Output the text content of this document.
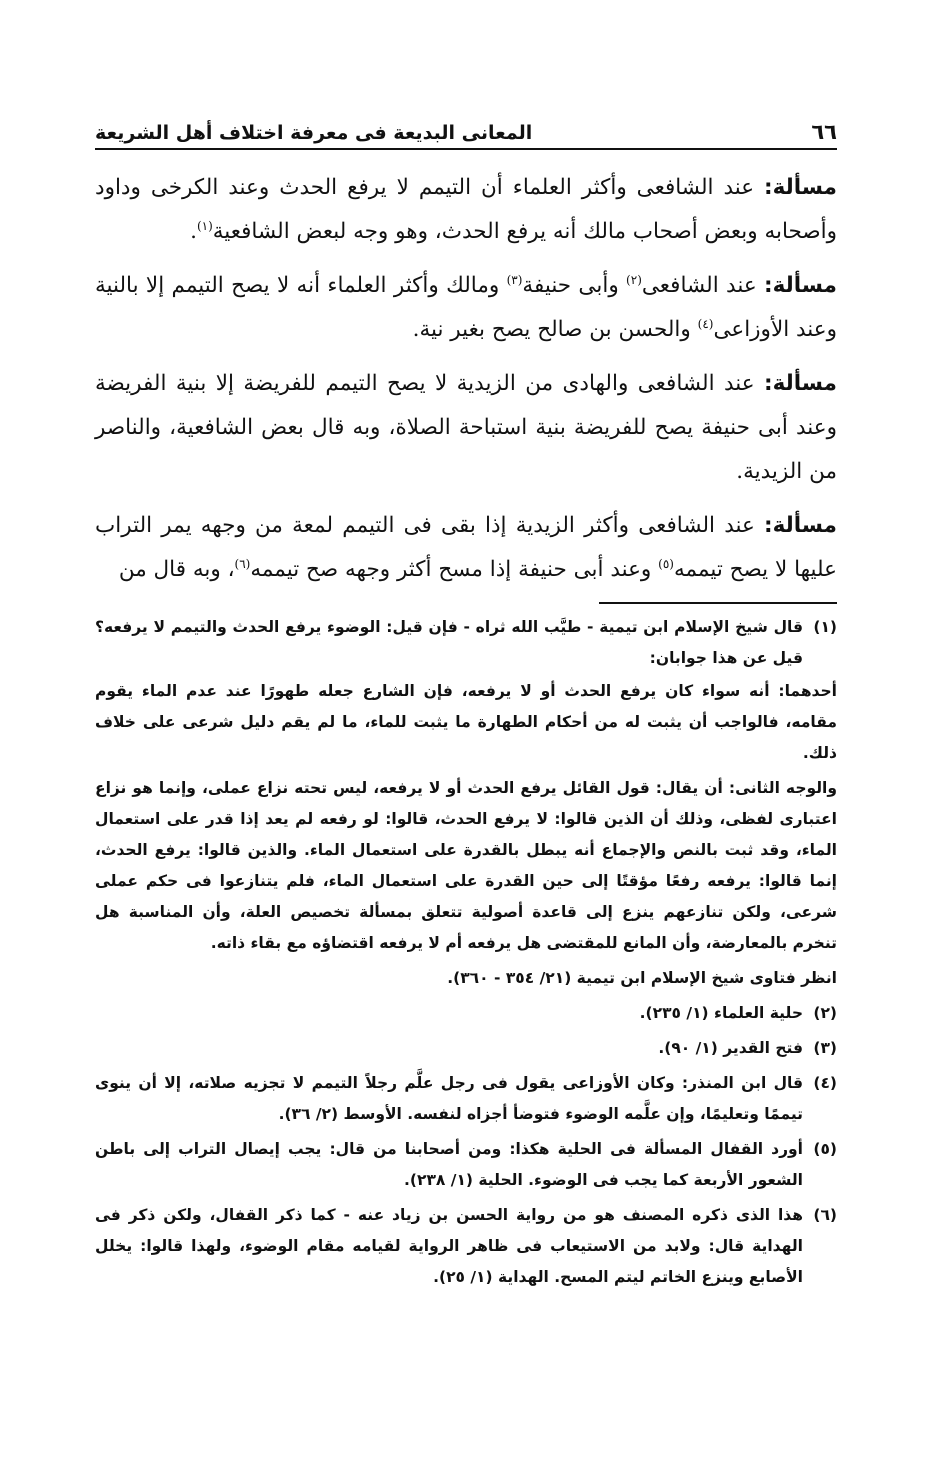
٦٦
المعانى البديعة فى معرفة اختلاف أهل الشريعة

مسألة: عند الشافعى وأكثر العلماء أن التيمم لا يرفع الحدث وعند الكرخى وداود وأصحابه وبعض أصحاب مالك أنه يرفع الحدث، وهو وجه لبعض الشافعية$^{(١)}$.

مسألة: عند الشافعى$^{(٢)}$ وأبى حنيفة$^{(٣)}$ ومالك وأكثر العلماء أنه لا يصح التيمم إلا بالنية وعند الأوزاعى$^{(٤)}$ والحسن بن صالح يصح بغير نية.

مسألة: عند الشافعى والهادى من الزيدية لا يصح التيمم للفريضة إلا بنية الفريضة وعند أبى حنيفة يصح للفريضة بنية استباحة الصلاة، وبه قال بعض الشافعية، والناصر من الزيدية.

مسألة: عند الشافعى وأكثر الزيدية إذا بقى فى التيمم لمعة من وجهه يمر التراب عليها لا يصح تيممه$^{(٥)}$ وعند أبى حنيفة إذا مسح أكثر وجهه صح تيممه$^{(٦)}$، وبه قال من

(١)

قال شيخ الإسلام ابن تيمية - طيَّب الله ثراه - فإن قيل: الوضوء يرفع الحدث والتيمم لا يرفعه؟ قيل عن هذا جوابان:

أحدهما: أنه سواء كان يرفع الحدث أو لا يرفعه، فإن الشارع جعله طهورًا عند عدم الماء يقوم مقامه، فالواجب أن يثبت له من أحكام الطهارة ما يثبت للماء، ما لم يقم دليل شرعى على خلاف ذلك.

والوجه الثانى: أن يقال: قول القائل يرفع الحدث أو لا يرفعه، ليس تحته نزاع عملى، وإنما هو نزاع اعتبارى لفظى، وذلك أن الذين قالوا: لا يرفع الحدث، قالوا: لو رفعه لم يعد إذا قدر على استعمال الماء، وقد ثبت بالنص والإجماع أنه يبطل بالقدرة على استعمال الماء. والذين قالوا: يرفع الحدث، إنما قالوا: يرفعه رفعًا مؤقتًا إلى حين القدرة على استعمال الماء، فلم يتنازعوا فى حكم عملى شرعى، ولكن تنازعهم ينزع إلى قاعدة أصولية تتعلق بمسألة تخصيص العلة، وأن المناسبة هل تنخرم بالمعارضة، وأن المانع للمقتضى هل يرفعه أم لا يرفعه اقتضاؤه مع بقاء ذاته.

انظر فتاوى شيخ الإسلام ابن تيمية (٢١/ ٣٥٤ - ٣٦٠).

(٢)

حلية العلماء (١/ ٢٣٥).

(٣)

فتح القدير (١/ ٩٠).

(٤)

قال ابن المنذر: وكان الأوزاعى يقول فى رجل علَّم رجلاً التيمم لا تجزيه صلاته، إلا أن ينوى تيممًا وتعليمًا، وإن علَّمه الوضوء فتوضأ أجزاه لنفسه. الأوسط (٢/ ٣٦).

(٥)

أورد القفال المسألة فى الحلية هكذا: ومن أصحابنا من قال: يجب إيصال التراب إلى باطن الشعور الأربعة كما يجب فى الوضوء. الحلية (١/ ٢٣٨).

(٦)

هذا الذى ذكره المصنف هو من رواية الحسن بن زياد عنه - كما ذكر القفال، ولكن ذكر فى الهداية قال: ولابد من الاستيعاب فى ظاهر الرواية لقيامه مقام الوضوء، ولهذا قالوا: يخلل الأصابع وينزع الخاتم ليتم المسح. الهداية (١/ ٢٥).
